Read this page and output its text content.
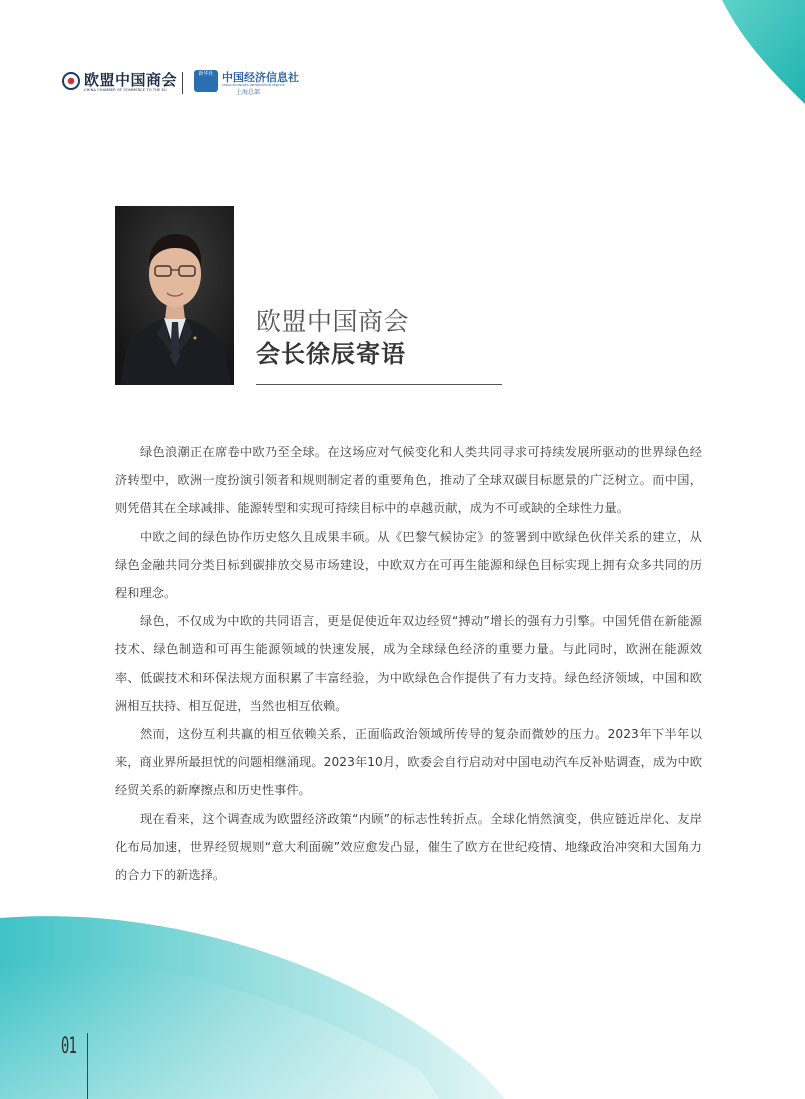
欧盟中国商会
CHINA CHAMBER OF COMMERCE TO THE EU
新华社 中国经济信息社
CHINA ECONOMIC INFORMATION SERVICE
上海总部
欧盟中国商会
会长徐辰寄语

绿色浪潮正在席卷中欧乃至全球。在这场应对气候变化和人类共同寻求可持续发展所驱动的世界绿色经济转型中，欧洲一度扮演引领者和规则制定者的重要角色，推动了全球双碳目标愿景的广泛树立。而中国，则凭借其在全球减排、能源转型和实现可持续目标中的卓越贡献，成为不可或缺的全球性力量。

中欧之间的绿色协作历史悠久且成果丰硕。从《巴黎气候协定》的签署到中欧绿色伙伴关系的建立，从绿色金融共同分类目标到碳排放交易市场建设，中欧双方在可再生能源和绿色目标实现上拥有众多共同的历程和理念。

绿色，不仅成为中欧的共同语言，更是促使近年双边经贸“搏动”增长的强有力引擎。中国凭借在新能源技术、绿色制造和可再生能源领域的快速发展，成为全球绿色经济的重要力量。与此同时，欧洲在能源效率、低碳技术和环保法规方面积累了丰富经验，为中欧绿色合作提供了有力支持。绿色经济领域，中国和欧洲相互扶持、相互促进，当然也相互依赖。

然而，这份互利共赢的相互依赖关系，正面临政治领域所传导的复杂而微妙的压力。2023年下半年以来，商业界所最担忧的问题相继涌现。2023年10月，欧委会自行启动对中国电动汽车反补贴调查，成为中欧经贸关系的新摩擦点和历史性事件。

现在看来，这个调查成为欧盟经济政策“内顾”的标志性转折点。全球化悄然演变，供应链近岸化、友岸化布局加速，世界经贸规则“意大利面碗”效应愈发凸显，催生了欧方在世纪疫情、地缘政治冲突和大国角力的合力下的新选择。

01
